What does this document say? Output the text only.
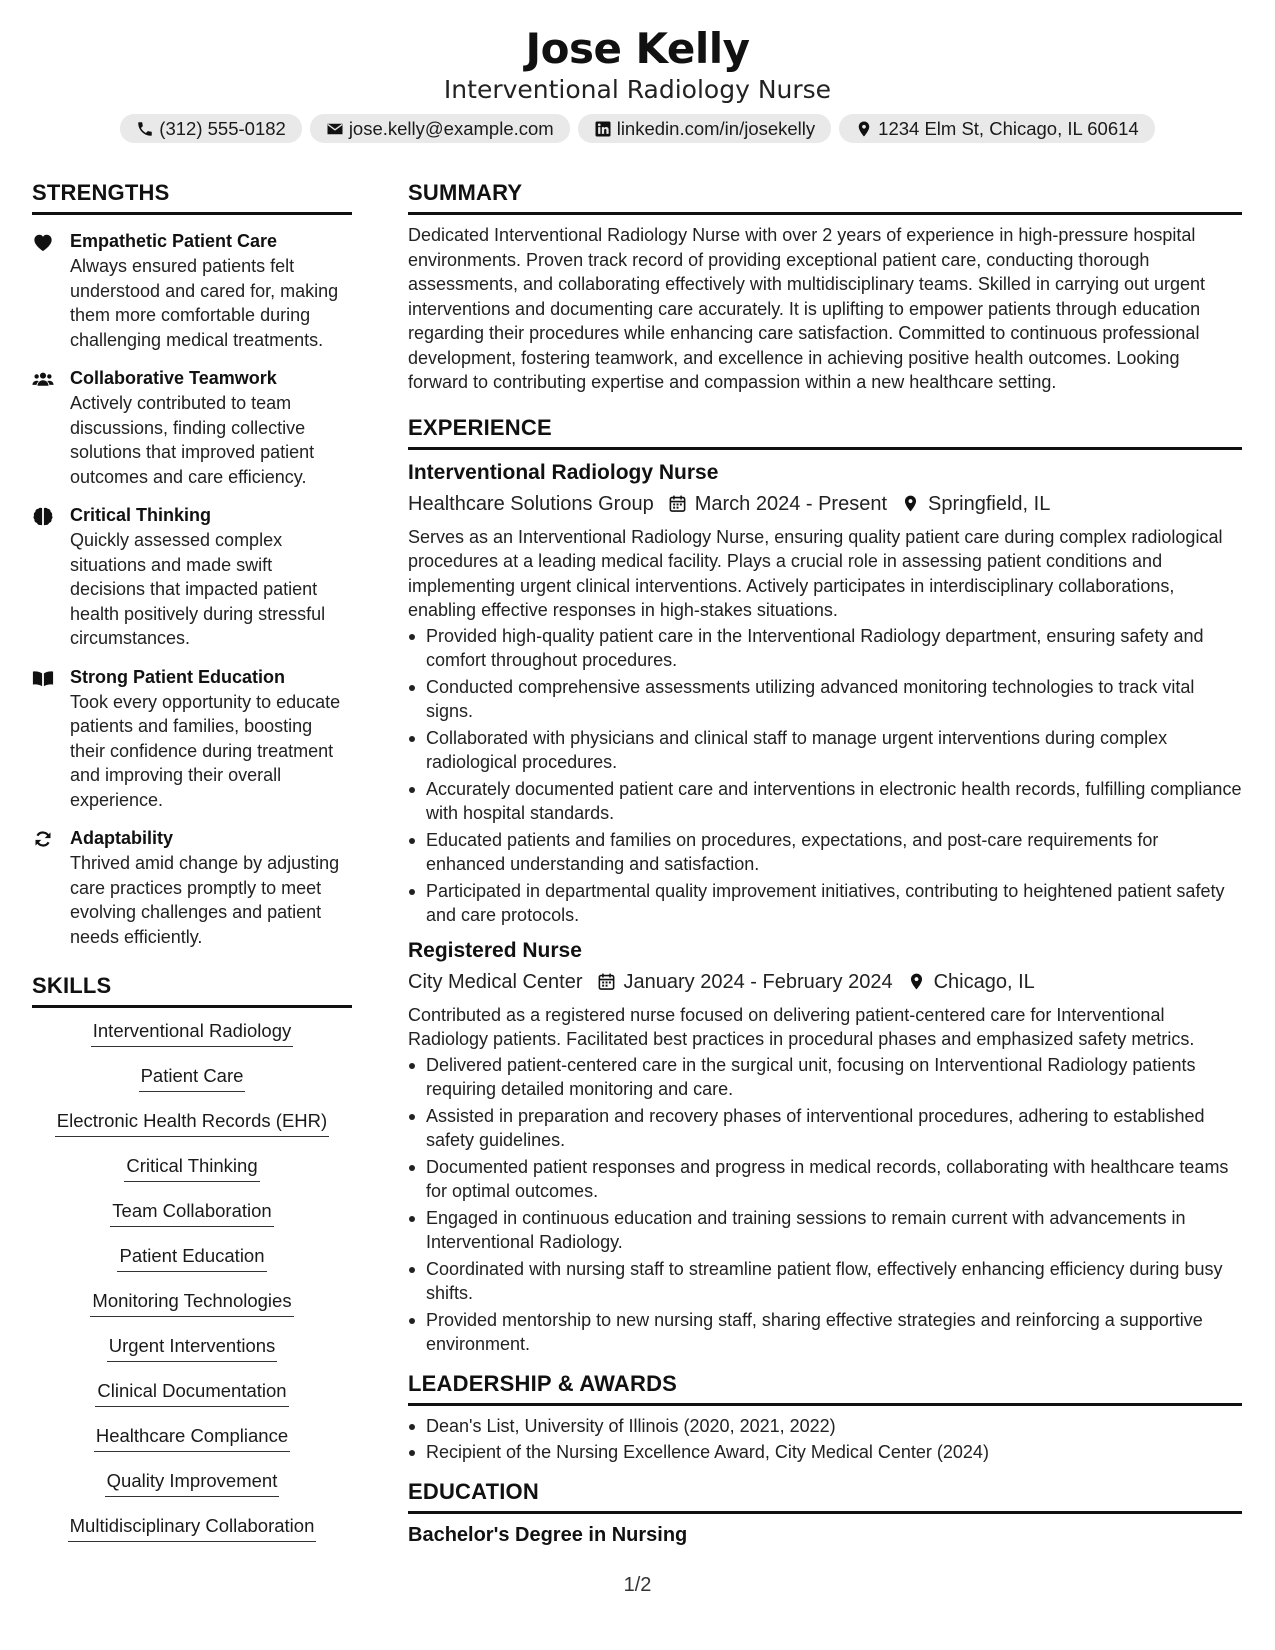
Jose Kelly
Interventional Radiology Nurse
(312) 555-0182	jose.kelly@example.com	linkedin.com/in/josekelly	1234 Elm St, Chicago, IL 60614
STRENGTHS
Empathetic Patient Care
Always ensured patients felt understood and cared for, making them more comfortable during challenging medical treatments.
Collaborative Teamwork
Actively contributed to team discussions, finding collective solutions that improved patient outcomes and care efficiency.
Critical Thinking
Quickly assessed complex situations and made swift decisions that impacted patient health positively during stressful circumstances.
Strong Patient Education
Took every opportunity to educate patients and families, boosting their confidence during treatment and improving their overall experience.
Adaptability
Thrived amid change by adjusting care practices promptly to meet evolving challenges and patient needs efficiently.
SKILLS
Interventional Radiology
Patient Care
Electronic Health Records (EHR)
Critical Thinking
Team Collaboration
Patient Education
Monitoring Technologies
Urgent Interventions
Clinical Documentation
Healthcare Compliance
Quality Improvement
Multidisciplinary Collaboration
SUMMARY
Dedicated Interventional Radiology Nurse with over 2 years of experience in high-pressure hospital environments. Proven track record of providing exceptional patient care, conducting thorough assessments, and collaborating effectively with multidisciplinary teams. Skilled in carrying out urgent interventions and documenting care accurately. It is uplifting to empower patients through education regarding their procedures while enhancing care satisfaction. Committed to continuous professional development, fostering teamwork, and excellence in achieving positive health outcomes. Looking forward to contributing expertise and compassion within a new healthcare setting.
EXPERIENCE
Interventional Radiology Nurse
Healthcare Solutions Group March 2024 - Present Springfield, IL
Serves as an Interventional Radiology Nurse, ensuring quality patient care during complex radiological procedures at a leading medical facility. Plays a crucial role in assessing patient conditions and implementing urgent clinical interventions. Actively participates in interdisciplinary collaborations, enabling effective responses in high-stakes situations.
Provided high-quality patient care in the Interventional Radiology department, ensuring safety and comfort throughout procedures.
Conducted comprehensive assessments utilizing advanced monitoring technologies to track vital signs.
Collaborated with physicians and clinical staff to manage urgent interventions during complex radiological procedures.
Accurately documented patient care and interventions in electronic health records, fulfilling compliance with hospital standards.
Educated patients and families on procedures, expectations, and post-care requirements for enhanced understanding and satisfaction.
Participated in departmental quality improvement initiatives, contributing to heightened patient safety and care protocols.
Registered Nurse
City Medical Center January 2024 - February 2024 Chicago, IL
Contributed as a registered nurse focused on delivering patient-centered care for Interventional Radiology patients. Facilitated best practices in procedural phases and emphasized safety metrics.
Delivered patient-centered care in the surgical unit, focusing on Interventional Radiology patients requiring detailed monitoring and care.
Assisted in preparation and recovery phases of interventional procedures, adhering to established safety guidelines.
Documented patient responses and progress in medical records, collaborating with healthcare teams for optimal outcomes.
Engaged in continuous education and training sessions to remain current with advancements in Interventional Radiology.
Coordinated with nursing staff to streamline patient flow, effectively enhancing efficiency during busy shifts.
Provided mentorship to new nursing staff, sharing effective strategies and reinforcing a supportive environment.
LEADERSHIP & AWARDS
Dean's List, University of Illinois (2020, 2021, 2022)
Recipient of the Nursing Excellence Award, City Medical Center (2024)
EDUCATION
Bachelor's Degree in Nursing
1/2
